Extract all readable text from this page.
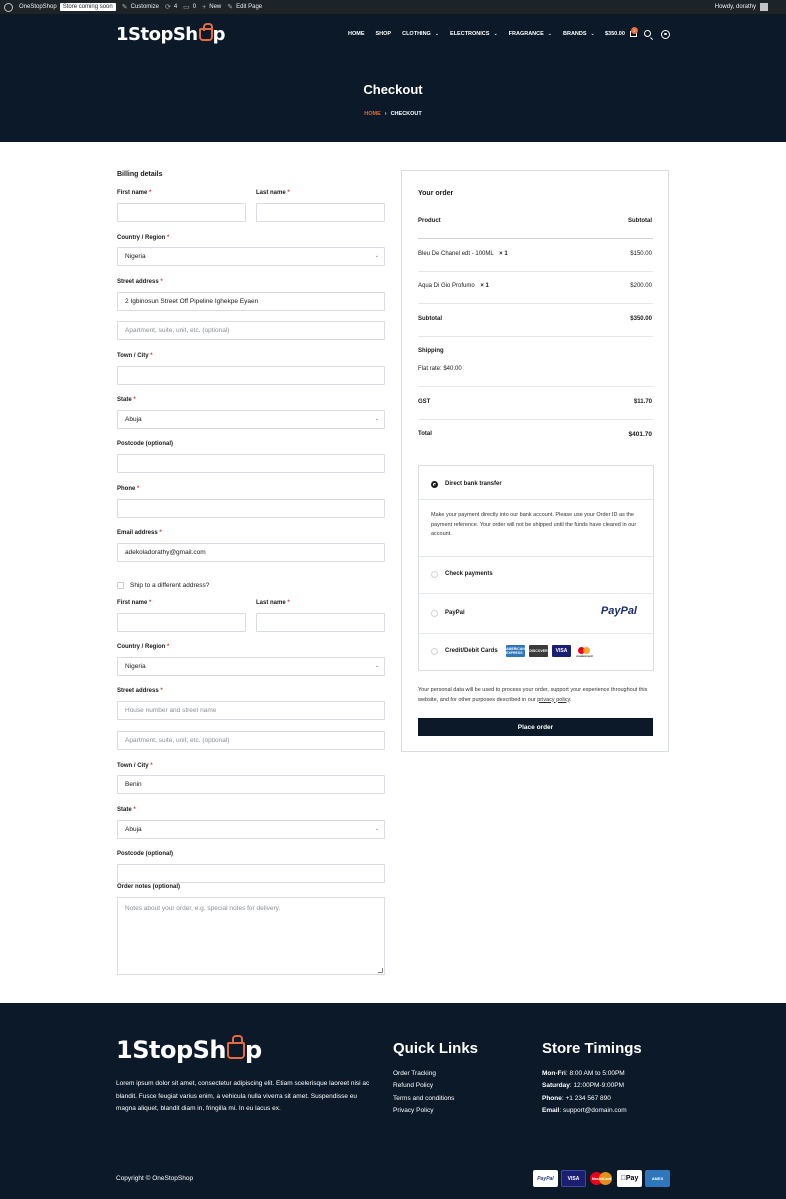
OneStopShop	Store coming soon	✎ Customize ⟳ 4 ▭ 0 + New ✎ Edit Page	Howdy, dorathy
1StopSh p	HOME SHOP CLOTHING ⌄ ELECTRONICS ⌄ FRAGRANCE ⌄ BRANDS ⌄ $350.00
2
Checkout
HOME › CHECKOUT
Billing details
First name *	Last name *
Country / Region *
Nigeria	⌄
Street address *
2 Igbinosun Street Off Pipeline Ighekpe Eyaen
Apartment, suite, unit, etc. (optional)
Town / City *
State *
Abuja	⌄
Postcode (optional)
Phone *
Email address *
adekoladorathy@gmail.com
Ship to a different address?
First name *	Last name *
Country / Region *
Nigeria	⌄
Street address *
House number and street name
Apartment, suite, unit, etc. (optional)
Town / City *
Benin
State *
Abuja	⌄
Postcode (optional)
Order notes (optional)
Notes about your order, e.g. special notes for delivery.
Your order
Product	Subtotal
Bleu De Chanel edt - 100ML × 1	$150.00
Aqua Di Gio Profumo × 1	$200.00
Subtotal	$350.00
Shipping
Flat rate: $40.00
GST	$11.70
Total	$401.70
Direct bank transfer
Make your payment directly into our bank account. Please use your Order ID as the payment reference. Your order will not be shipped until the funds have cleared in our account.
Check payments
PayPal	PayPal
Credit/Debit Cards AMERICAN EXPRESS	DISCOVER	VISA
mastercard
Your personal data will be used to process your order, support your experience throughout this website, and for other purposes described in our privacy policy.
Place order
1StopSh p
Lorem ipsum dolor sit amet, consectetur adipiscing elit. Etiam scelerisque laoreet nisi ac blandit. Fusce feugiat varius enim, a vehicula nulla viverra sit amet. Suspendisse eu magna aliquet, blandit diam in, fringilla mi. In eu lacus ex.
Quick Links
Order Tracking
Refund Policy
Terms and conditions
Privacy Policy
Store Timings
Mon-Fri: 8:00 AM to 5:00PM
Saturday: 12:00PM-9:00PM
Phone: +1 234 567 890
Email: support@domain.com
Copyright © OneStopShop	PayPal	VISA	MasterCard Pay	AMEX
